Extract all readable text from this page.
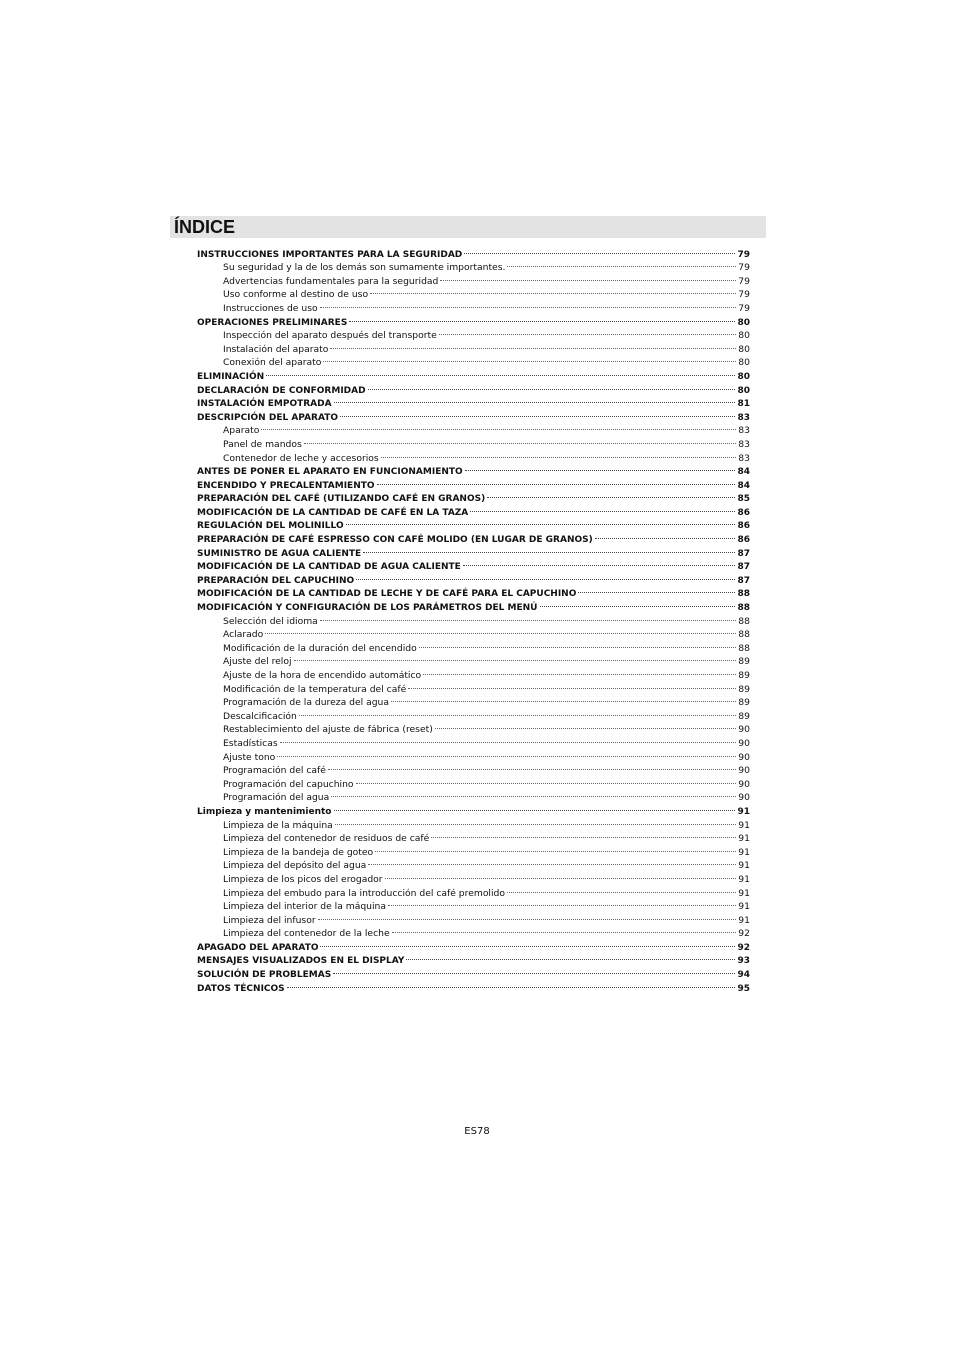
ÍNDICE
INSTRUCCIONES IMPORTANTES PARA LA SEGURIDAD	79
Su seguridad y la de los demás son sumamente importantes.	79
Advertencias fundamentales para la seguridad	79
Uso conforme al destino de uso	79
Instrucciones de uso	79
OPERACIONES PRELIMINARES	80
Inspección del aparato después del transporte	80
Instalación del aparato	80
Conexión del aparato	80
ELIMINACIÓN	80
DECLARACIÓN DE CONFORMIDAD	80
INSTALACIÓN EMPOTRADA	81
DESCRIPCIÓN DEL APARATO	83
Aparato	83
Panel de mandos	83
Contenedor de leche y accesorios	83
ANTES DE PONER EL APARATO EN FUNCIONAMIENTO	84
ENCENDIDO Y PRECALENTAMIENTO	84
PREPARACIÓN DEL CAFÉ (UTILIZANDO CAFÉ EN GRANOS)	85
MODIFICACIÓN DE LA CANTIDAD DE CAFÉ EN LA TAZA	86
REGULACIÓN DEL MOLINILLO	86
PREPARACIÓN DE CAFÉ ESPRESSO CON CAFÉ MOLIDO (EN LUGAR DE GRANOS)	86
SUMINISTRO DE AGUA CALIENTE	87
MODIFICACIÓN DE LA CANTIDAD DE AGUA CALIENTE	87
PREPARACIÓN DEL CAPUCHINO	87
MODIFICACIÓN DE LA CANTIDAD DE LECHE Y DE CAFÉ PARA EL CAPUCHINO	88
MODIFICACIÓN Y CONFIGURACIÓN DE LOS PARÁMETROS DEL MENÚ	88
Selección del idioma	88
Aclarado	88
Modificación de la duración del encendido	88
Ajuste del reloj	89
Ajuste de la hora de encendido automático	89
Modificación de la temperatura del café	89
Programación de la dureza del agua	89
Descalcificación	89
Restablecimiento del ajuste de fábrica (reset)	90
Estadísticas	90
Ajuste tono	90
Programación del café	90
Programación del capuchino	90
Programación del agua	90
Limpieza y mantenimiento	91
Limpieza de la máquina	91
Limpieza del contenedor de residuos de café	91
Limpieza de la bandeja de goteo	91
Limpieza del depósito del agua	91
Limpieza de los picos del erogador	91
Limpieza del embudo para la introducción del café premolido	91
Limpieza del interior de la máquina	91
Limpieza del infusor	91
Limpieza del contenedor de la leche	92
APAGADO DEL APARATO	92
MENSAJES VISUALIZADOS EN EL DISPLAY	93
SOLUCIÓN DE PROBLEMAS	94
DATOS TÉCNICOS	95
ES78
